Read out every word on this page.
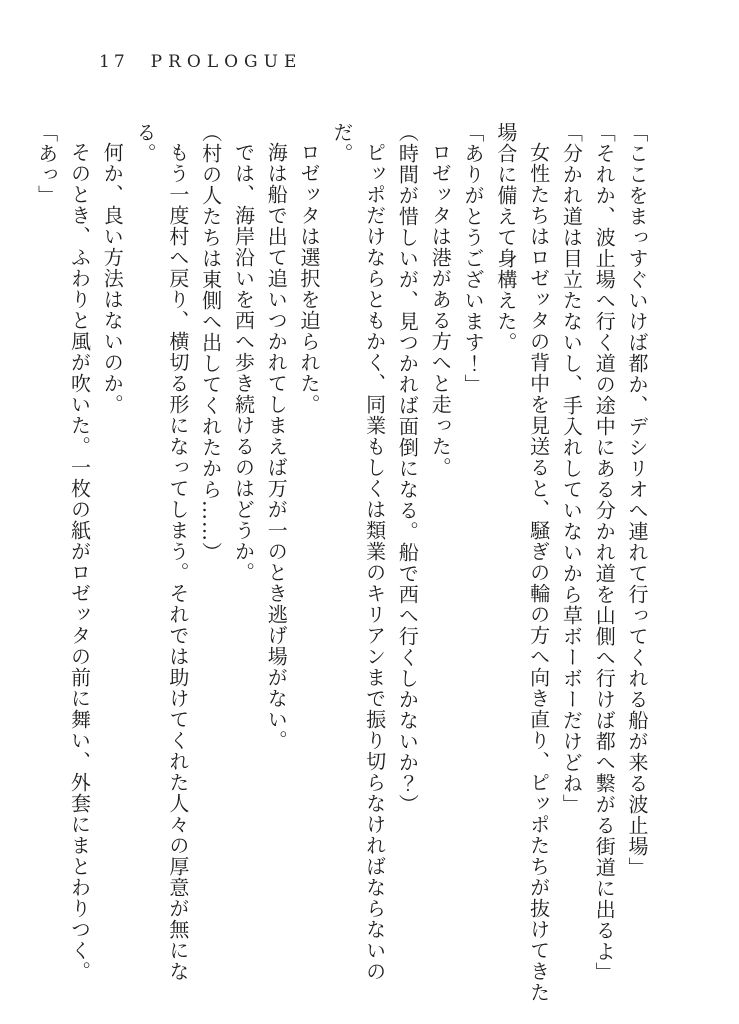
17 PROLOGUE

「ここをまっすぐいけば都か、デシリオへ連れて行ってくれる船が来る波止場」

「それか、波止場へ行く道の途中にある分かれ道を山側へ行けば都へ繋がる街道に出るよ」

「分かれ道は目立たないし、手入れしていないから草ボーボーだけどね」

女性たちはロゼッタの背中を見送ると、騒ぎの輪の方へ向き直り、ピッポたちが抜けてきた場合に備えて身構えた。

「ありがとうございます！」

ロゼッタは港がある方へと走った。

（時間が惜しいが、見つかれば面倒になる。船で西へ行くしかないか？）

ピッポだけならともかく、同業もしくは類業のキリアンまで振り切らなければならないのだ。

ロゼッタは選択を迫られた。

海は船で出て追いつかれてしまえば万が一のとき逃げ場がない。

では、海岸沿いを西へ歩き続けるのはどうか。

（村の人たちは東側へ出してくれたから……）

もう一度村へ戻り、横切る形になってしまう。それでは助けてくれた人々の厚意が無になる。

何か、良い方法はないのか。

そのとき、ふわりと風が吹いた。一枚の紙がロゼッタの前に舞い、外套にまとわりつく。

「あっ」
